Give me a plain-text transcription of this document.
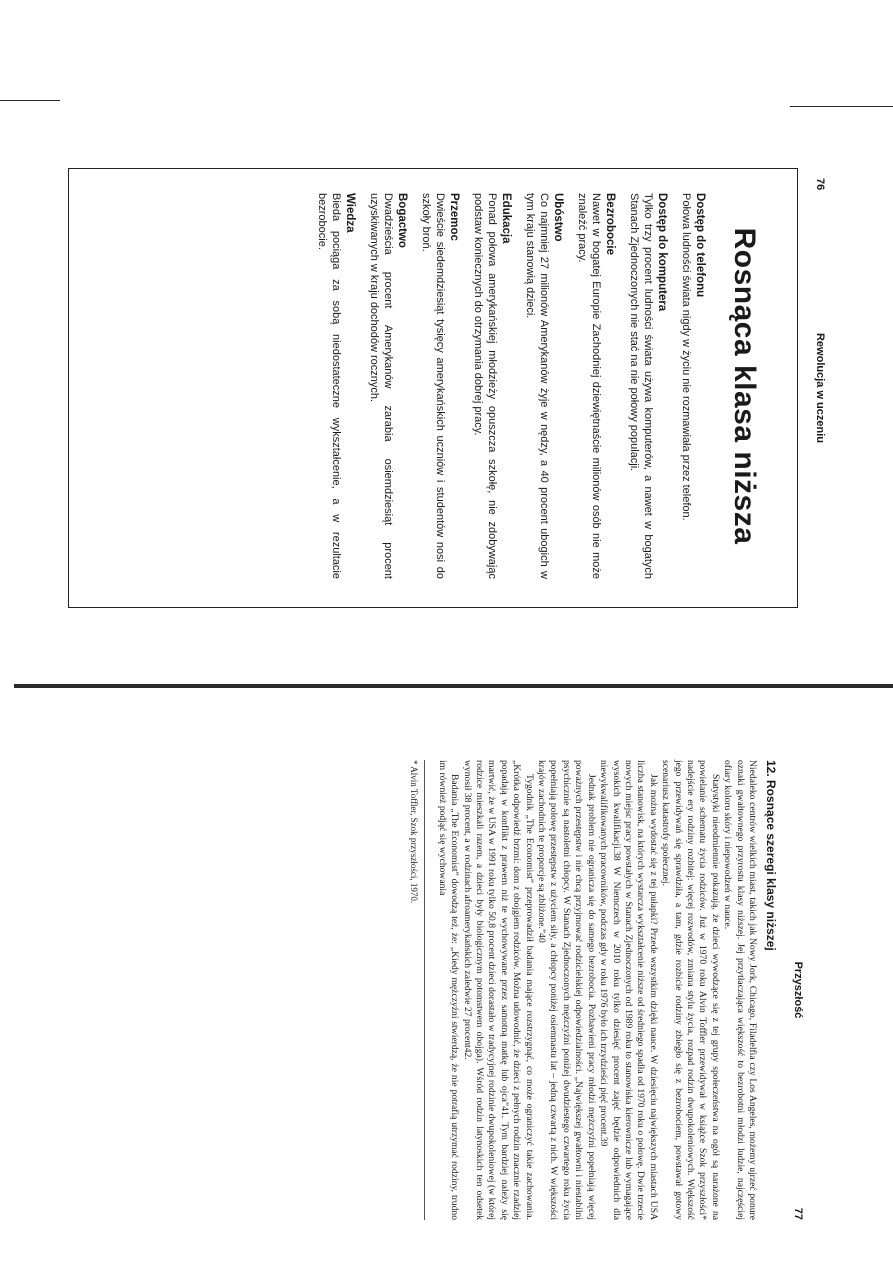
76
Rewolucja w uczeniu
Rosnąca klasa niższa
Dostęp do telefonu
Połowa ludności świata nigdy w życiu nie rozmawiała przez telefon.
Dostęp do komputera
Tylko trzy procent ludności świata używa komputerów, a nawet w bogatych Stanach Zjednoczonych nie stać na nie połowy populacji.
Bezrobocie
Nawet w bogatej Europie Zachodniej dziewiętnaście milionów osób nie może znaleźć pracy.
Ubóstwo
Co najmniej 27 milionów Amerykanów żyje w nędzy, a 40 procent ubogich w tym kraju stanowią dzieci.
Edukacja
Ponad połowa amerykańskiej młodzieży opuszcza szkołę, nie zdobywając podstaw koniecznych do otrzymania dobrej pracy.
Przemoc
Dwieście siedemdziesiąt tysięcy amerykańskich uczniów i studentów nosi do szkoły broń.
Bogactwo
Dwadzieścia procent Amerykanów zarabia osiemdziesiąt procent uzyskiwanych w kraju dochodów rocznych.
Wiedza
Bieda pociąga za sobą niedostateczne wykształcenie, a w rezultacie bezrobocie.
Przyszłość
77
12. Rosnące szeregi klasy niższej

Niedaleko centrów wielkich miast, takich jak Nowy Jork, Chicago, Filadelfia czy Los Angeles, możemy ujrzeć ponure oznaki gwałtownego przyrostu klasy niższej. Jej przytłaczająca większość to bezrobotni młodzi ludzie, najczęściej ofiary koloru skóry i niepowodzeń w nauce.

Statystyki nieodmiennie pokazują, że dzieci wywodzące się z tej grupy społeczeństwa na ogół są narażone na powielanie schematu życia rodziców. Już w 1970 roku Alvin Toffler przewidywał w książce Szok przyszłości* nadejście ery rodziny rozbitej: więcej rozwodów, zmiana stylu życia, rozpad rodzin dwupokoleniowych. Większość jego przewidywań się sprawdziła, a tam, gdzie rozbicie rodziny zbiegło się z bezrobociem, powstawał gotowy scenariusz katastrofy społecznej.

Jak można wydostać się z tej pułapki? Przede wszystkim dzięki nauce. W dziesięciu największych miastach USA liczba stanowisk, na których wystarcza wykształcenie niższe od średniego spadła od 1970 roku o połowę. Dwie trzecie nowych miejsc pracy powstałych w Stanach Zjednoczonych od 1989 roku to stanowiska kierownicze lub wymagające wysokich kwalifikacji.38 W Niemczech w 2010 roku tylko dziesięć procent zajęć będzie odpowiednich dla niewykwalifikowanych pracowników, podczas gdy w roku 1976 było ich trzydzieści pięć procent.39

Jednak problem nie ogranicza się do samego bezrobocia. Pozbawieni pracy młodzi mężczyźni popełniają więcej poważnych przestępstw i nie chcą przyjmować rodzicielskiej odpowiedzialności. „Największej gwałtowni i niestabilni psychicznie są nastoletni chłopcy. W Stanach Zjednoczonych mężczyźni poniżej dwudziestego czwartego roku życia popełniają połowę przestępstw z użyciem siły, a chłopcy poniżej osiemnastu lat – jedną czwartą z nich. W większości krajów zachodnich te proporcje są zbliżone.”40

Tygodnik „The Economist” przeprowadził badania mające rozstrzygnąć, co może ograniczyć takie zachowania. „Krótka odpowiedź brzmi: dom z obojgiem rodziców. Można udowodnić, że dzieci z pełnych rodzin znacznie rzadziej popadają w konflikt z prawem niż te wychowywane przez samotną matkę lub ojca”41. Tym bardziej należy się martwić, że w USA w 1991 roku tylko 50,8 procent dzieci dorastało w tradycyjnej rodzinie dwupokoleniowej (w której rodzice mieszkali razem, a dzieci były biologicznym potomstwem obojga). Wśród rodzin latynoskich ten odsetek wynosił 38 procent, a w rodzinach afroamerykańskich zaledwie 27 procent42.

Badania „The Economist” dowodzą też, że: „Kiedy mężczyźni stwierdzą, że nie potrafią utrzymać rodziny, trudno im również podjąć się wychowania

* Alvin Toffler, Szok przyszłości, 1970.
